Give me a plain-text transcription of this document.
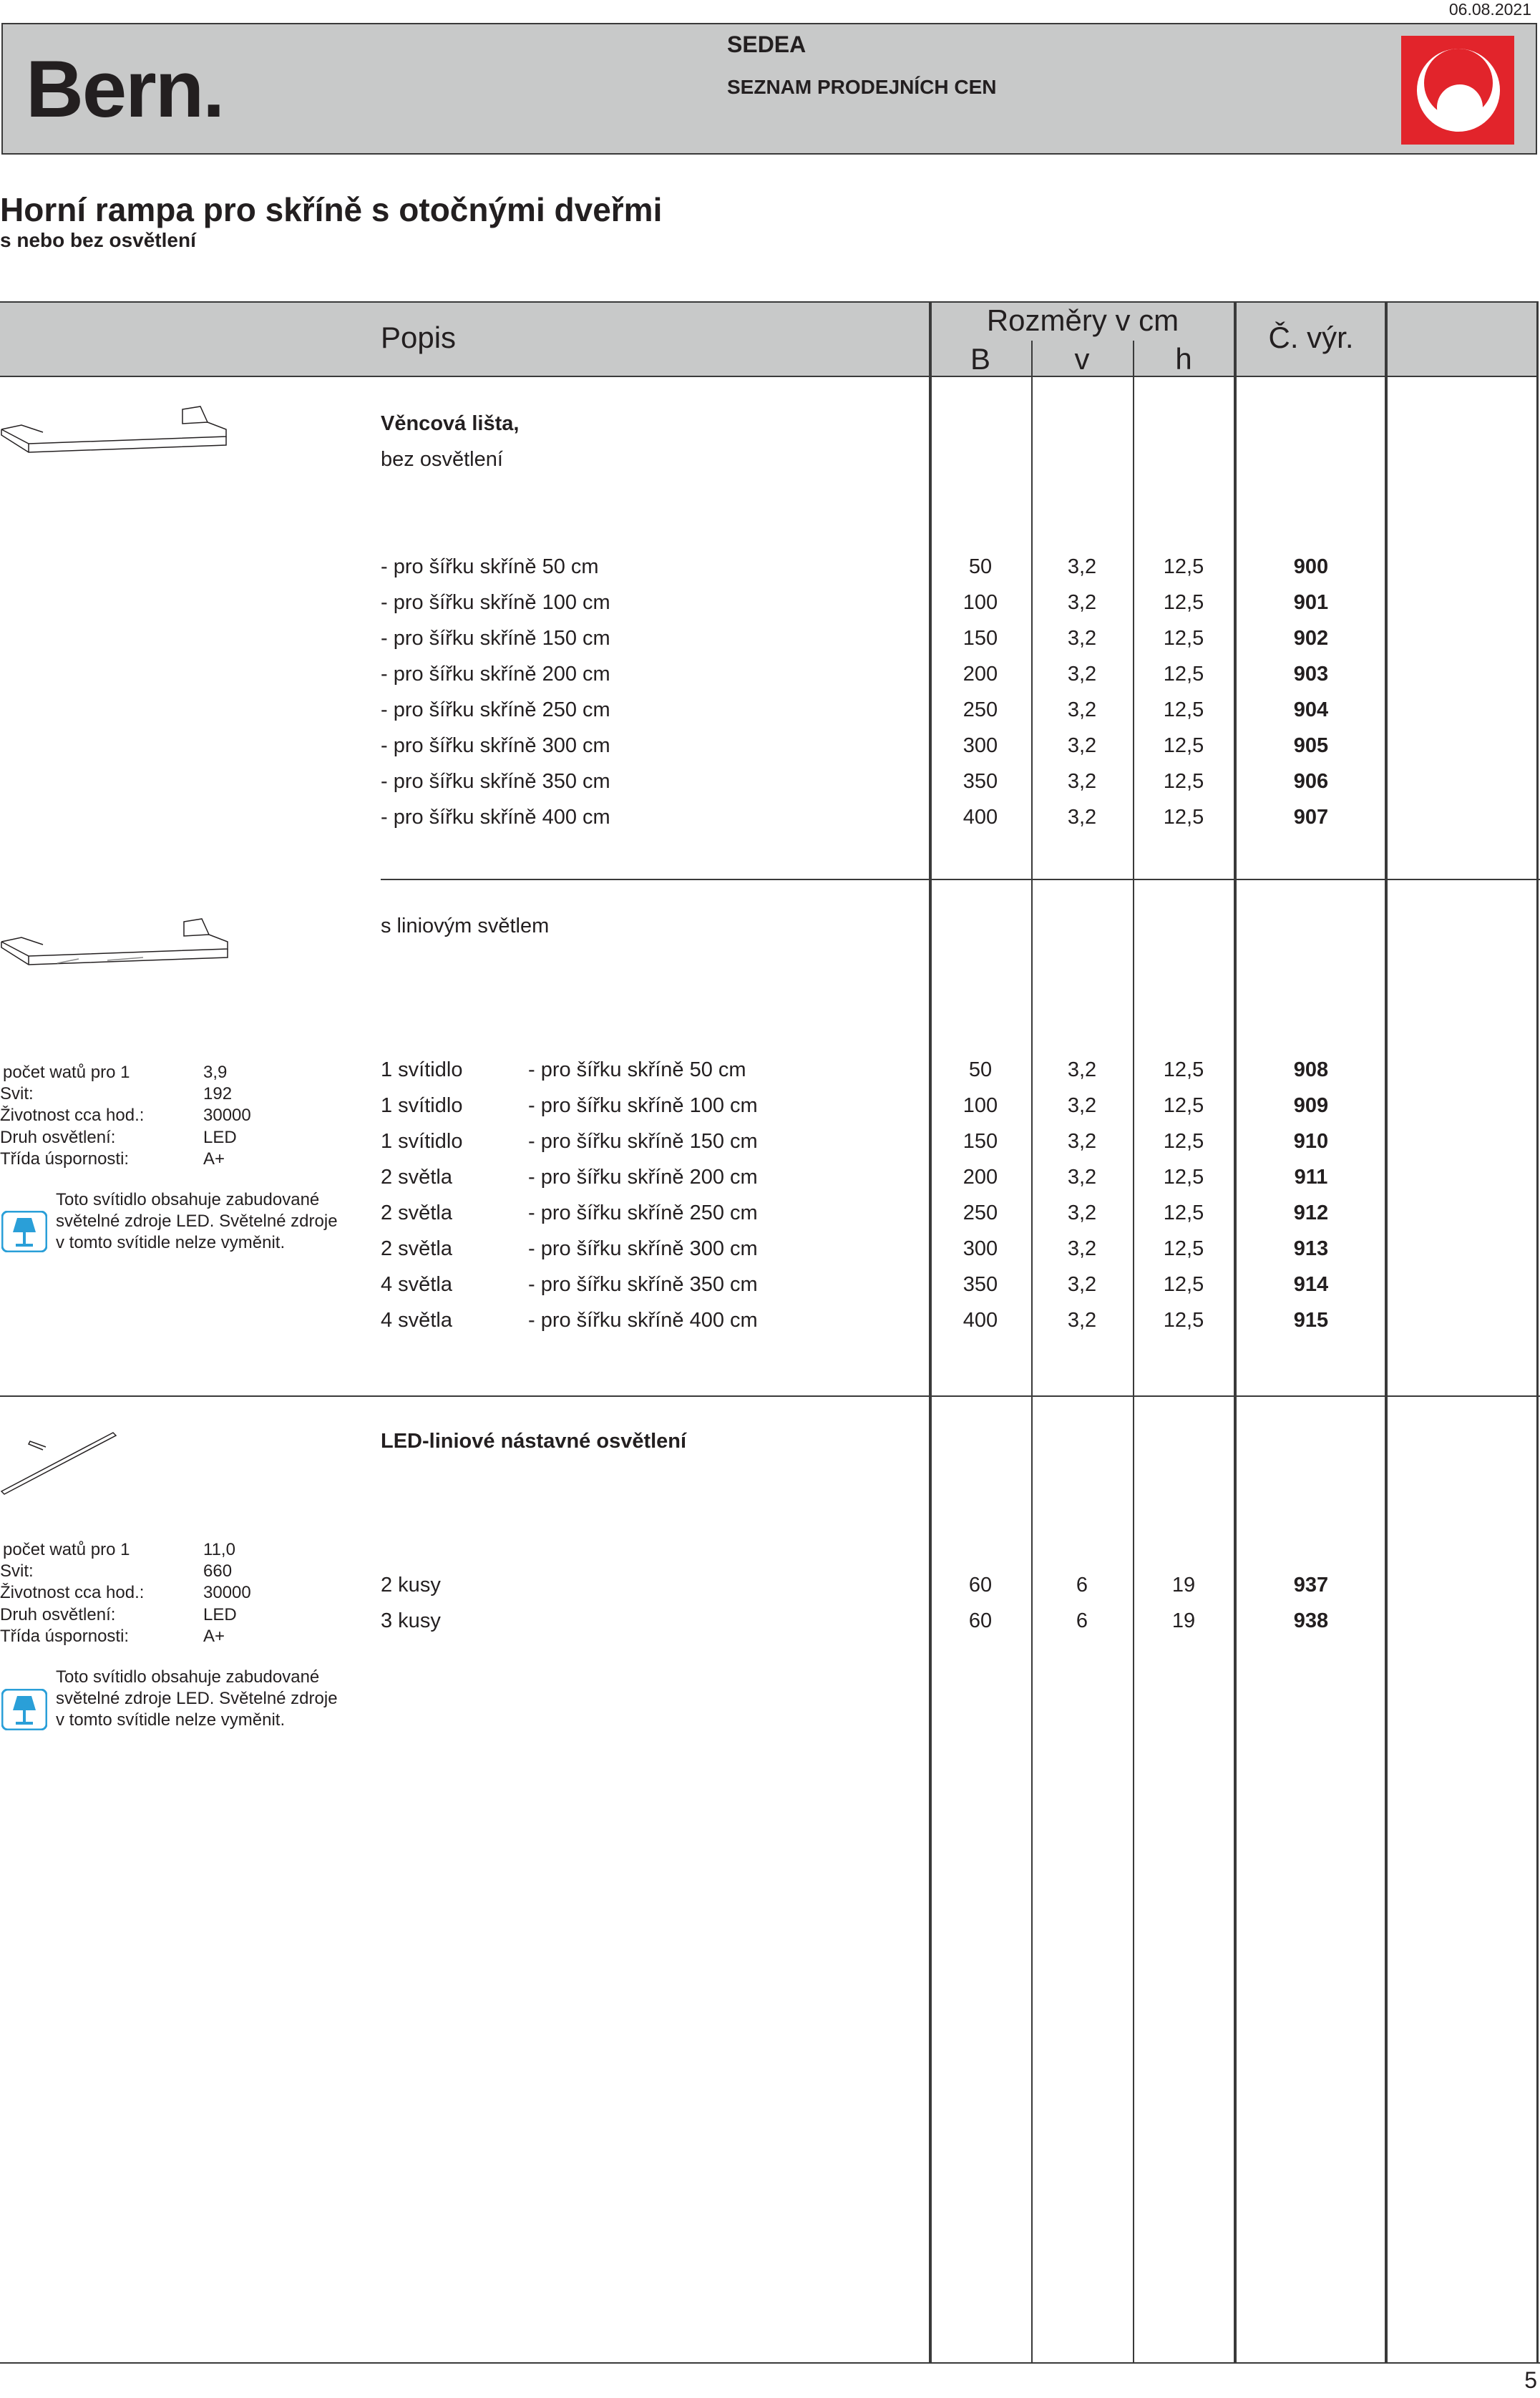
06.08.2021
Bern.	SEDEA
SEZNAM PRODEJNÍCH CEN
Horní rampa pro skříně s otočnými dveřmi
s nebo bez osvětlení
Popis
Rozměry v cm
B	v	h
Č. výr.
Věncová lišta,
bez osvětlení
- pro šířku skříně 50 cm	50	3,2	12,5	900
- pro šířku skříně 100 cm	100	3,2	12,5	901
- pro šířku skříně 150 cm	150	3,2	12,5	902
- pro šířku skříně 200 cm	200	3,2	12,5	903
- pro šířku skříně 250 cm	250	3,2	12,5	904
- pro šířku skříně 300 cm	300	3,2	12,5	905
- pro šířku skříně 350 cm	350	3,2	12,5	906
- pro šířku skříně 400 cm	400	3,2	12,5	907
s liniovým světlem
počet watů pro 1	3,9
Svit:	192
Životnost cca hod.:	30000
Druh osvětlení:	LED
Třída úspornosti:	A+
Toto svítidlo obsahuje zabudované světelné zdroje LED. Světelné zdroje v tomto svítidle nelze vyměnit.
1 svítidlo	- pro šířku skříně 50 cm	50	3,2	12,5	908
1 svítidlo	- pro šířku skříně 100 cm	100	3,2	12,5	909
1 svítidlo	- pro šířku skříně 150 cm	150	3,2	12,5	910
2 světla	- pro šířku skříně 200 cm	200	3,2	12,5	911
2 světla	- pro šířku skříně 250 cm	250	3,2	12,5	912
2 světla	- pro šířku skříně 300 cm	300	3,2	12,5	913
4 světla	- pro šířku skříně 350 cm	350	3,2	12,5	914
4 světla	- pro šířku skříně 400 cm	400	3,2	12,5	915
LED-liniové nástavné osvětlení
počet watů pro 1	11,0
Svit:	660
Životnost cca hod.:	30000
Druh osvětlení:	LED
Třída úspornosti:	A+
Toto svítidlo obsahuje zabudované světelné zdroje LED. Světelné zdroje v tomto svítidle nelze vyměnit.
2 kusy	60	6	19	937
3 kusy	60	6	19	938
5
